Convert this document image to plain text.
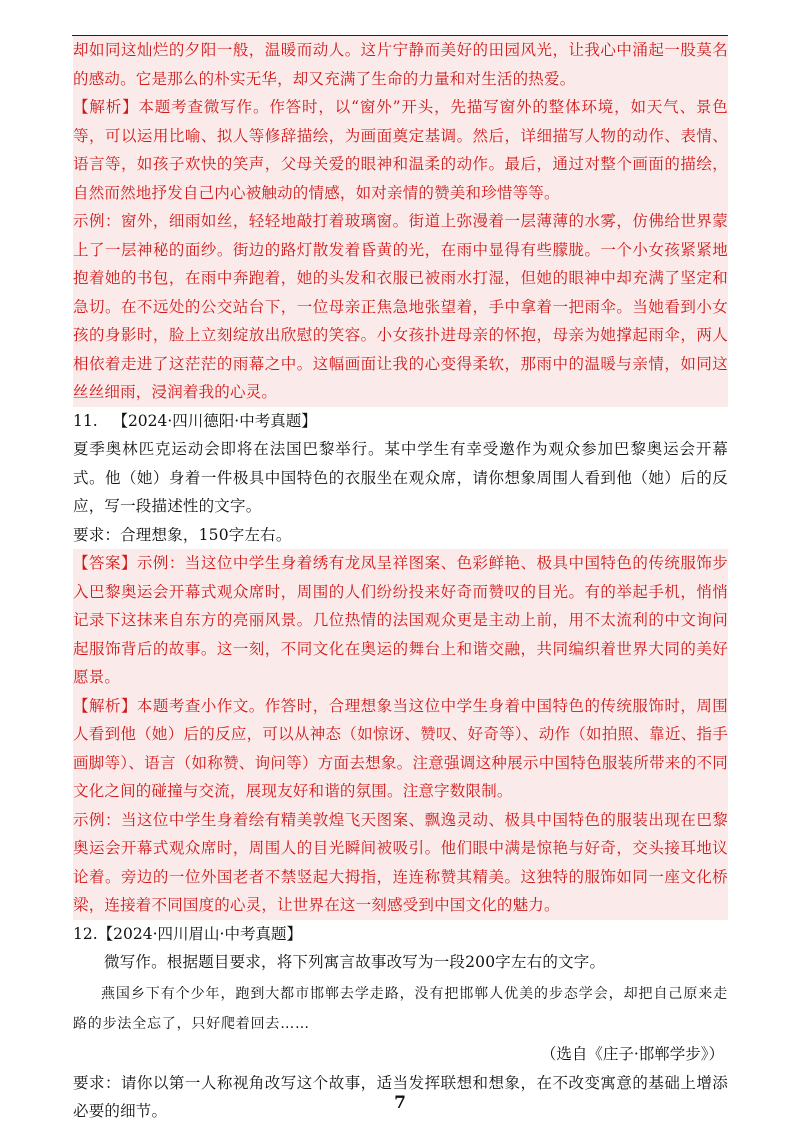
却如同这灿烂的夕阳一般，温暖而动人。这片宁静而美好的田园风光，让我心中涌起一股莫名的感动。它是那么的朴实无华，却又充满了生命的力量和对生活的热爱。

【解析】本题考查微写作。作答时，以“窗外”开头，先描写窗外的整体环境，如天气、景色等，可以运用比喻、拟人等修辞描绘，为画面奠定基调。然后，详细描写人物的动作、表情、语言等，如孩子欢快的笑声，父母关爱的眼神和温柔的动作。最后，通过对整个画面的描绘，自然而然地抒发自己内心被触动的情感，如对亲情的赞美和珍惜等等。

示例：窗外，细雨如丝，轻轻地敲打着玻璃窗。街道上弥漫着一层薄薄的水雾，仿佛给世界蒙上了一层神秘的面纱。街边的路灯散发着昏黄的光，在雨中显得有些朦胧。一个小女孩紧紧地抱着她的书包，在雨中奔跑着，她的头发和衣服已被雨水打湿，但她的眼神中却充满了坚定和急切。在不远处的公交站台下，一位母亲正焦急地张望着，手中拿着一把雨伞。当她看到小女孩的身影时，脸上立刻绽放出欣慰的笑容。小女孩扑进母亲的怀抱，母亲为她撑起雨伞，两人相依着走进了这茫茫的雨幕之中。这幅画面让我的心变得柔软，那雨中的温暖与亲情，如同这丝丝细雨，浸润着我的心灵。

11. 【2024·四川德阳·中考真题】

夏季奥林匹克运动会即将在法国巴黎举行。某中学生有幸受邀作为观众参加巴黎奥运会开幕式。他（她）身着一件极具中国特色的衣服坐在观众席，请你想象周围人看到他（她）后的反应，写一段描述性的文字。

要求：合理想象，150字左右。

【答案】示例：当这位中学生身着绣有龙凤呈祥图案、色彩鲜艳、极具中国特色的传统服饰步入巴黎奥运会开幕式观众席时，周围的人们纷纷投来好奇而赞叹的目光。有的举起手机，悄悄记录下这抹来自东方的亮丽风景。几位热情的法国观众更是主动上前，用不太流利的中文询问起服饰背后的故事。这一刻，不同文化在奥运的舞台上和谐交融，共同编织着世界大同的美好愿景。

【解析】本题考查小作文。作答时，合理想象当这位中学生身着中国特色的传统服饰时，周围人看到他（她）后的反应，可以从神态（如惊讶、赞叹、好奇等）、动作（如拍照、靠近、指手画脚等）、语言（如称赞、询问等）方面去想象。注意强调这种展示中国特色服装所带来的不同文化之间的碰撞与交流，展现友好和谐的氛围。注意字数限制。

示例：当这位中学生身着绘有精美敦煌飞天图案、飘逸灵动、极具中国特色的服装出现在巴黎奥运会开幕式观众席时，周围人的目光瞬间被吸引。他们眼中满是惊艳与好奇，交头接耳地议论着。旁边的一位外国老者不禁竖起大拇指，连连称赞其精美。这独特的服饰如同一座文化桥梁，连接着不同国度的心灵，让世界在这一刻感受到中国文化的魅力。

12.【2024·四川眉山·中考真题】

微写作。根据题目要求，将下列寓言故事改写为一段200字左右的文字。

燕国乡下有个少年，跑到大都市邯郸去学走路，没有把邯郸人优美的步态学会，却把自己原来走路的步法全忘了，只好爬着回去……

（选自《庄子·邯郸学步》）

要求：请你以第一人称视角改写这个故事，适当发挥联想和想象，在不改变寓意的基础上增添必要的细节。	7
